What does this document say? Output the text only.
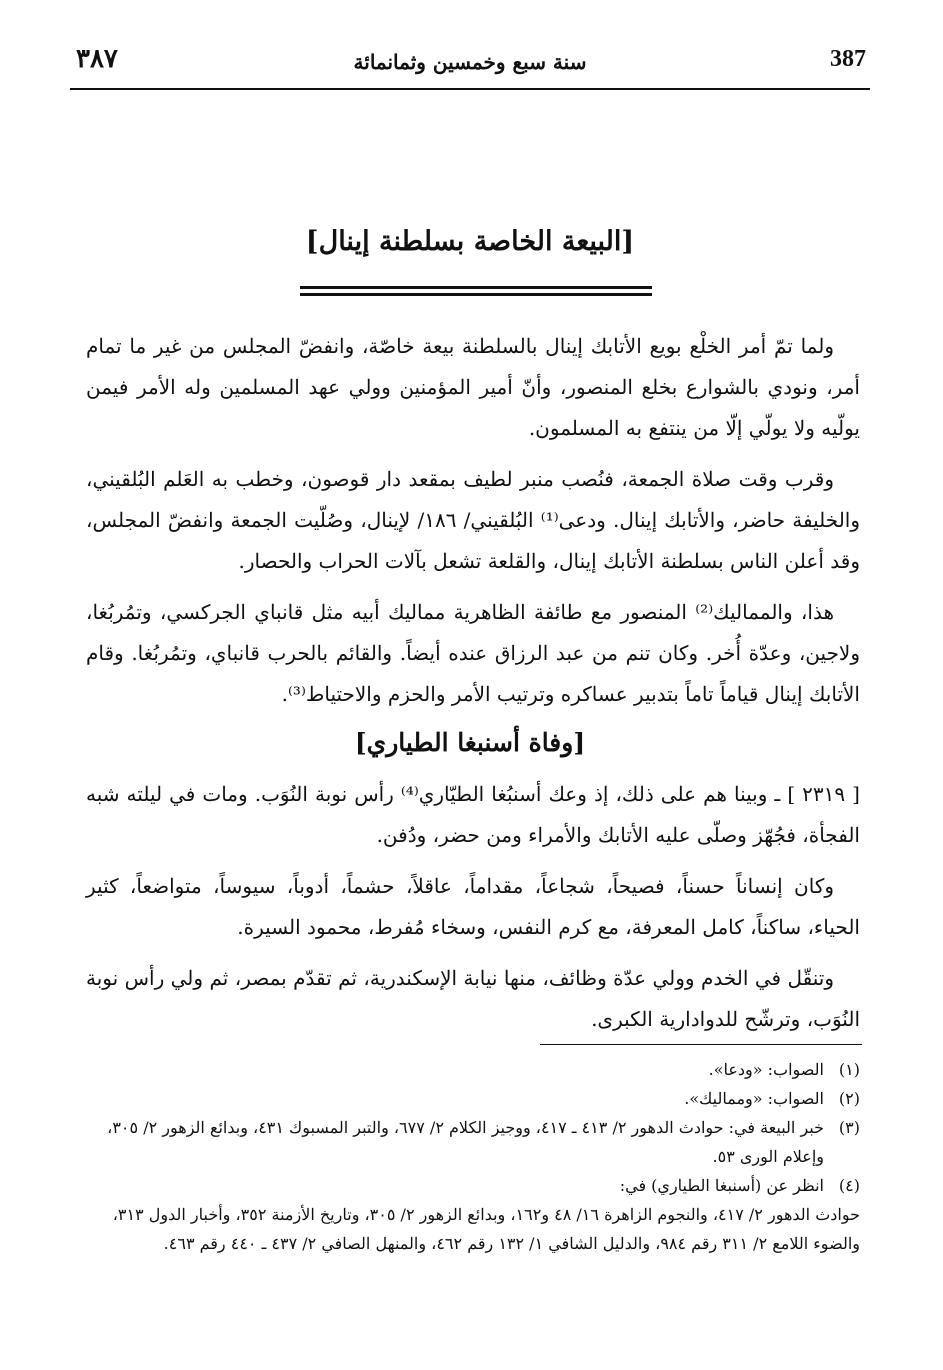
٣٨٧	سنة سبع وخمسين وثمانمائة	387
[البيعة الخاصة بسلطنة إينال]

ولما تمّ أمر الخلْع بويع الأتابك إينال بالسلطنة بيعة خاصّة، وانفضّ المجلس من غير ما تمام أمر، ونودي بالشوارع بخلع المنصور، وأنّ أمير المؤمنين وولي عهد المسلمين وله الأمر فيمن يولّيه ولا يولّي إلّا من ينتفع به المسلمون.

وقرب وقت صلاة الجمعة، فنُصب منبر لطيف بمقعد دار قوصون، وخطب به العَلم البُلقيني، والخليفة حاضر، والأتابك إينال. ودعى⁽¹⁾ البُلقيني/ ١٨٦/ لإينال، وصُلّيت الجمعة وانفضّ المجلس، وقد أعلن الناس بسلطنة الأتابك إينال، والقلعة تشعل بآلات الحراب والحصار.

هذا، والمماليك⁽²⁾ المنصور مع طائفة الظاهرية مماليك أبيه مثل قانباي الجركسي، وتمُربُغا، ولاجين، وعدّة أُخر. وكان تنم من عبد الرزاق عنده أيضاً. والقائم بالحرب قانباي، وتمُربُغا. وقام الأتابك إينال قياماً تاماً بتدبير عساكره وترتيب الأمر والحزم والاحتياط⁽³⁾.

[وفاة أسنبغا الطياري]

[ ٢٣١٩ ] ـ وبينا هم على ذلك، إذ وعك أسنبُغا الطيّاري⁽⁴⁾ رأس نوبة النُوَب. ومات في ليلته شبه الفجأة، فجُهّز وصلّى عليه الأتابك والأمراء ومن حضر، ودُفن.

وكان إنساناً حسناً، فصيحاً، شجاعاً، مقداماً، عاقلاً، حشماً، أدوباً، سيوساً، متواضعاً، كثير الحياء، ساكناً، كامل المعرفة، مع كرم النفس، وسخاء مُفرط، محمود السيرة.

وتنقّل في الخدم وولي عدّة وظائف، منها نيابة الإسكندرية، ثم تقدّم بمصر، ثم ولي رأس نوبة النُوَب، وترشّح للدوادارية الكبرى.

(١)
الصواب: «ودعا».

(٢)
الصواب: «ومماليك».

(٣)
خبر البيعة في: حوادث الدهور ٢/ ٤١٣ ـ ٤١٧، ووجيز الكلام ٢/ ٦٧٧، والتبر المسبوك ٤٣١، وبدائع الزهور ٢/ ٣٠٥، وإعلام الورى ٥٣.

(٤)
انظر عن (أسنبغا الطياري) في:

حوادث الدهور ٢/ ٤١٧، والنجوم الزاهرة ١٦/ ٤٨ و١٦٢، وبدائع الزهور ٢/ ٣٠٥، وتاريخ الأزمنة ٣٥٢، وأخبار الدول ٣١٣، والضوء اللامع ٢/ ٣١١ رقم ٩٨٤، والدليل الشافي ١/ ١٣٢ رقم ٤٦٢، والمنهل الصافي ٢/ ٤٣٧ ـ ٤٤٠ رقم ٤٦٣.
